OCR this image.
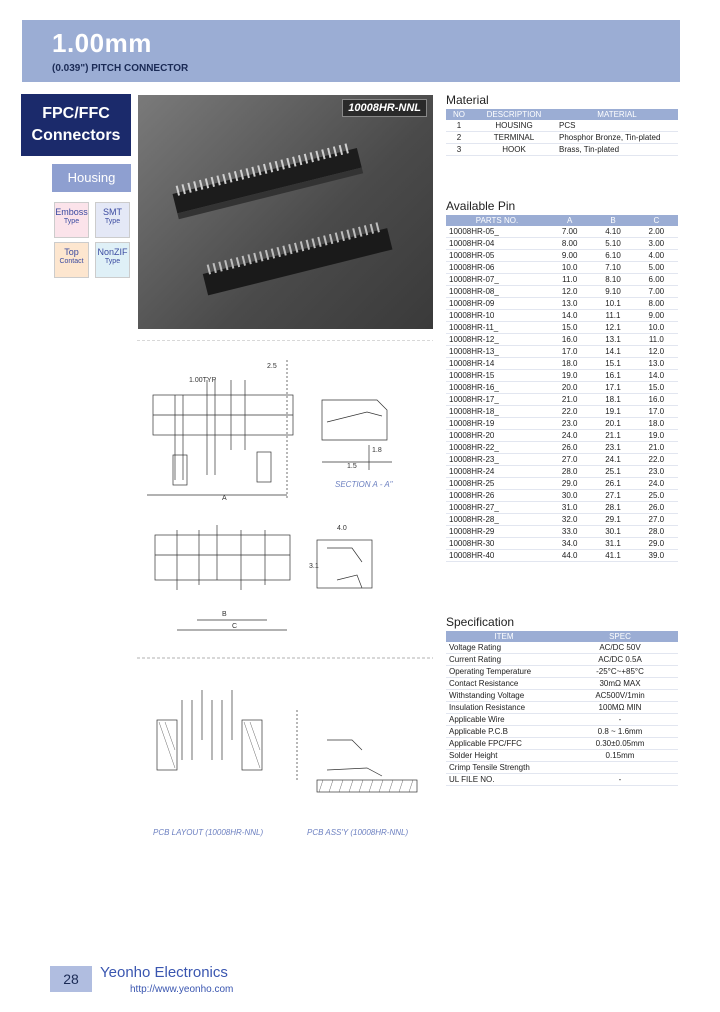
1.00mm
(0.039") PITCH CONNECTOR
FPC/FFC
Connectors
Housing
Emboss
Type
SMT
Type
Top
Contact
NonZIF
Type
10008HR-NNL
Material
NO	DESCRIPTION	MATERIAL
1	HOUSING	PCS
2	TERMINAL	Phosphor Bronze, Tin-plated
3	HOOK	Brass, Tin-plated
Available Pin
PARTS NO.	A	B	C
10008HR-05_	7.00	4.10	2.00
10008HR-04	8.00	5.10	3.00
10008HR-05	9.00	6.10	4.00
10008HR-06	10.0	7.10	5.00
10008HR-07_	11.0	8.10	6.00
10008HR-08_	12.0	9.10	7.00
10008HR-09	13.0	10.1	8.00
10008HR-10	14.0	11.1	9.00
10008HR-11_	15.0	12.1	10.0
10008HR-12_	16.0	13.1	11.0
10008HR-13_	17.0	14.1	12.0
10008HR-14	18.0	15.1	13.0
10008HR-15	19.0	16.1	14.0
10008HR-16_	20.0	17.1	15.0
10008HR-17_	21.0	18.1	16.0
10008HR-18_	22.0	19.1	17.0
10008HR-19	23.0	20.1	18.0
10008HR-20	24.0	21.1	19.0
10008HR-22_	26.0	23.1	21.0
10008HR-23_	27.0	24.1	22.0
10008HR-24	28.0	25.1	23.0
10008HR-25	29.0	26.1	24.0
10008HR-26	30.0	27.1	25.0
10008HR-27_	31.0	28.1	26.0
10008HR-28_	32.0	29.1	27.0
10008HR-29	33.0	30.1	28.0
10008HR-30	34.0	31.1	29.0
10008HR-40	44.0	41.1	39.0
Specification
ITEM	SPEC
Voltage Rating	AC/DC 50V
Current Rating	AC/DC 0.5A
Operating Temperature	-25°C~+85°C
Contact Resistance	30mΩ MAX
Withstanding Voltage	AC500V/1min
Insulation Resistance	100MΩ MIN
Applicable Wire	-
Applicable P.C.B	0.8 ~ 1.6mm
Applicable FPC/FFC	0.30±0.05mm
Solder Height	0.15mm
Crimp Tensile Strength	
UL FILE NO.	-
1.00TYP
2.5
A
1.8
1.5
4.0
3.1
B
C
SECTION A - A"
PCB LAYOUT (10008HR-NNL)	PCB ASS'Y (10008HR-NNL)
28	Yeonho Electronics
http://www.yeonho.com
